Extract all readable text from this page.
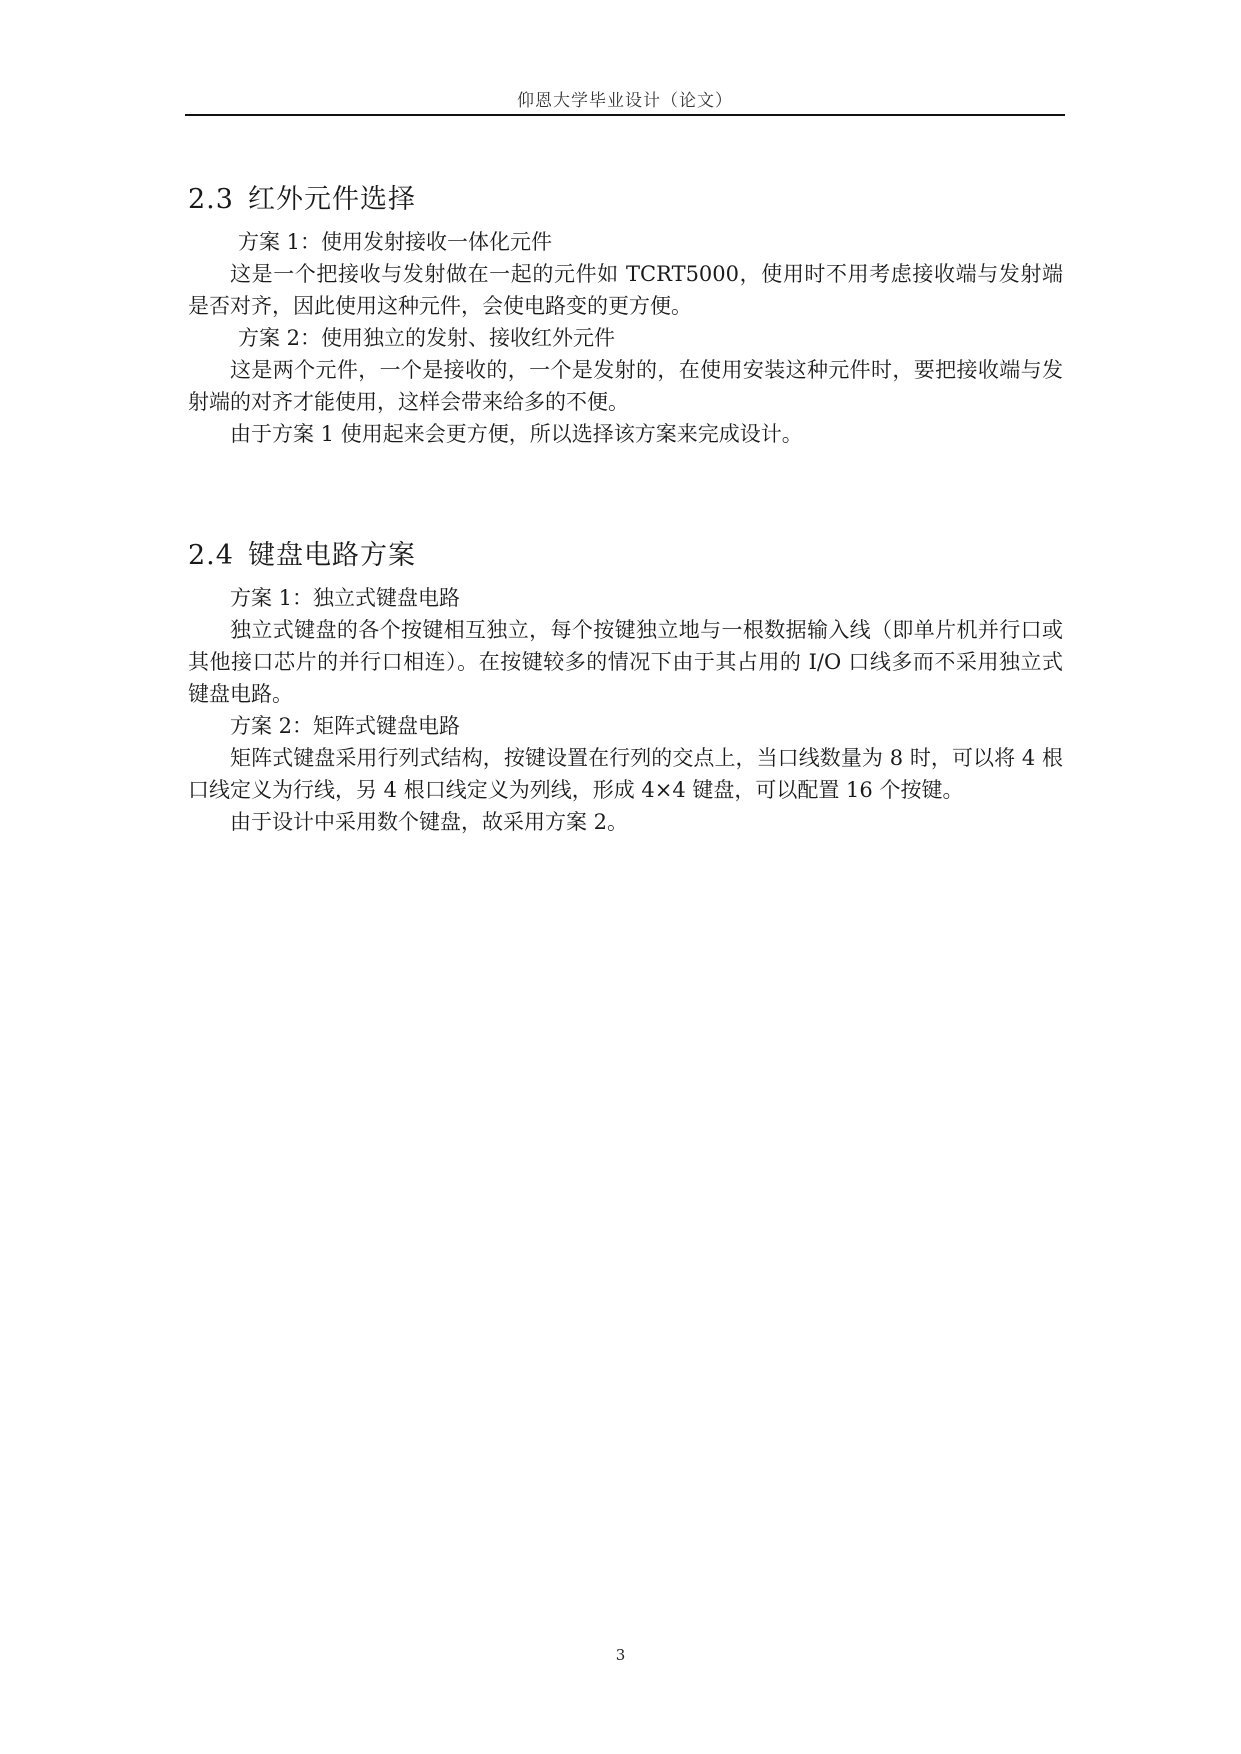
仰恩大学毕业设计（论文）
2.3 红外元件选择

方案 1：使用发射接收一体化元件

这是一个把接收与发射做在一起的元件如 TCRT5000，使用时不用考虑接收端与发射端是否对齐，因此使用这种元件，会使电路变的更方便。

方案 2：使用独立的发射、接收红外元件

这是两个元件，一个是接收的，一个是发射的，在使用安装这种元件时，要把接收端与发射端的对齐才能使用，这样会带来给多的不便。

由于方案 1 使用起来会更方便，所以选择该方案来完成设计。

2.4 键盘电路方案

方案 1：独立式键盘电路

独立式键盘的各个按键相互独立，每个按键独立地与一根数据输入线（即单片机并行口或其他接口芯片的并行口相连）。在按键较多的情况下由于其占用的 I/O 口线多而不采用独立式键盘电路。

方案 2：矩阵式键盘电路

矩阵式键盘采用行列式结构，按键设置在行列的交点上，当口线数量为 8 时，可以将 4 根口线定义为行线，另 4 根口线定义为列线，形成 4×4 键盘，可以配置 16 个按键。

由于设计中采用数个键盘，故采用方案 2。

3
